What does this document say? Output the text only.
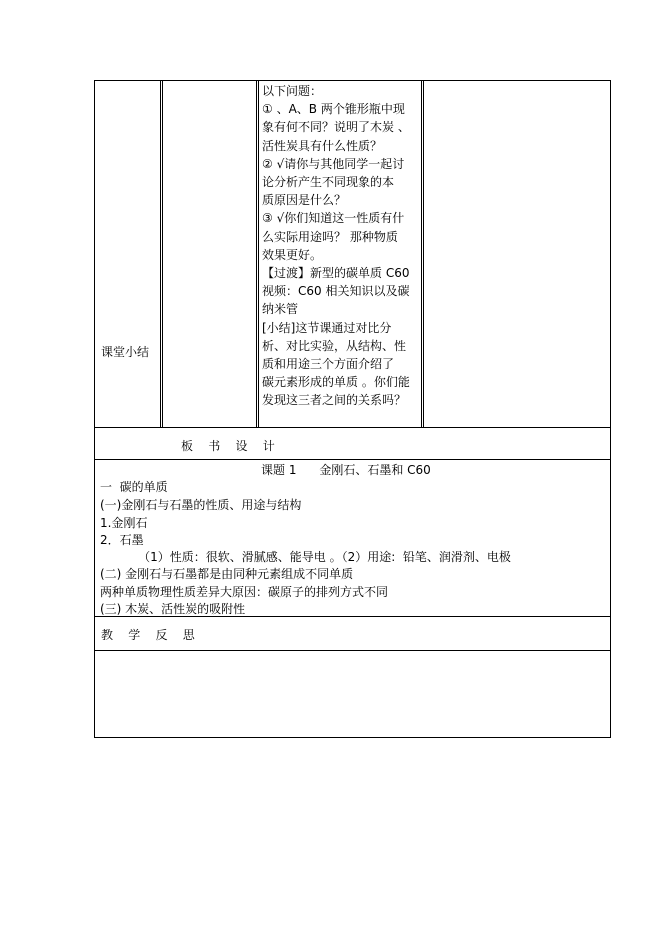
课堂小结
以下问题：
① 、A、B 两个锥形瓶中现
象有何不同？说明了木炭 、
活性炭具有什么性质？
② √请你与其他同学一起讨
论分析产生不同现象的本
质原因是什么？
③ √你们知道这一性质有什
么实际用途吗？ 那种物质
效果更好。
【过渡】新型的碳单质 C60
视频：C60 相关知识以及碳
纳米管
[小结]这节课通过对比分
析、对比实验，从结构、性
质和用途三个方面介绍了
碳元素形成的单质 。你们能
发现这三者之间的关系吗？
板    书    设    计
课题 1      金刚石、石墨和 C60
一  碳的单质
(一)金刚石与石墨的性质、用途与结构
1.金刚石
2．石墨
（1）性质：很软、滑腻感、能导电 。（2）用途:  铅笔、润滑剂、电极
(二) 金刚石与石墨都是由同种元素组成不同单质
两种单质物理性质差异大原因：碳原子的排列方式不同
(三) 木炭、活性炭的吸附性
教    学    反    思
